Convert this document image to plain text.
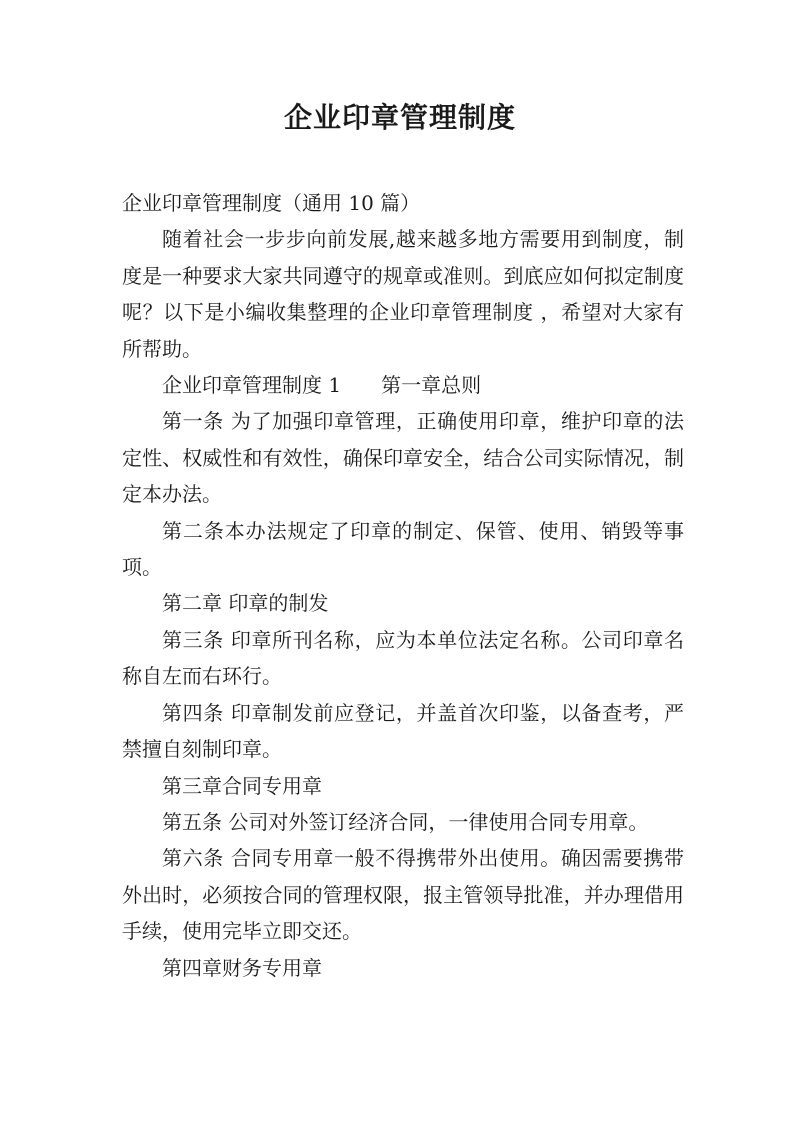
企业印章管理制度

企业印章管理制度（通用 10 篇）

随着社会一步步向前发展,越来越多地方需要用到制度，制度是一种要求大家共同遵守的规章或准则。到底应如何拟定制度呢？以下是小编收集整理的企业印章管理制度 ，希望对大家有所帮助。

企业印章管理制度 1　　第一章总则

第一条 为了加强印章管理，正确使用印章，维护印章的法定性、权威性和有效性，确保印章安全，结合公司实际情况，制定本办法。

第二条本办法规定了印章的制定、保管、使用、销毁等事项。

第二章 印章的制发

第三条 印章所刊名称，应为本单位法定名称。公司印章名称自左而右环行。

第四条 印章制发前应登记，并盖首次印鉴，以备查考，严禁擅自刻制印章。

第三章合同专用章

第五条 公司对外签订经济合同，一律使用合同专用章。

第六条 合同专用章一般不得携带外出使用。确因需要携带外出时，必须按合同的管理权限，报主管领导批准，并办理借用手续，使用完毕立即交还。

第四章财务专用章
